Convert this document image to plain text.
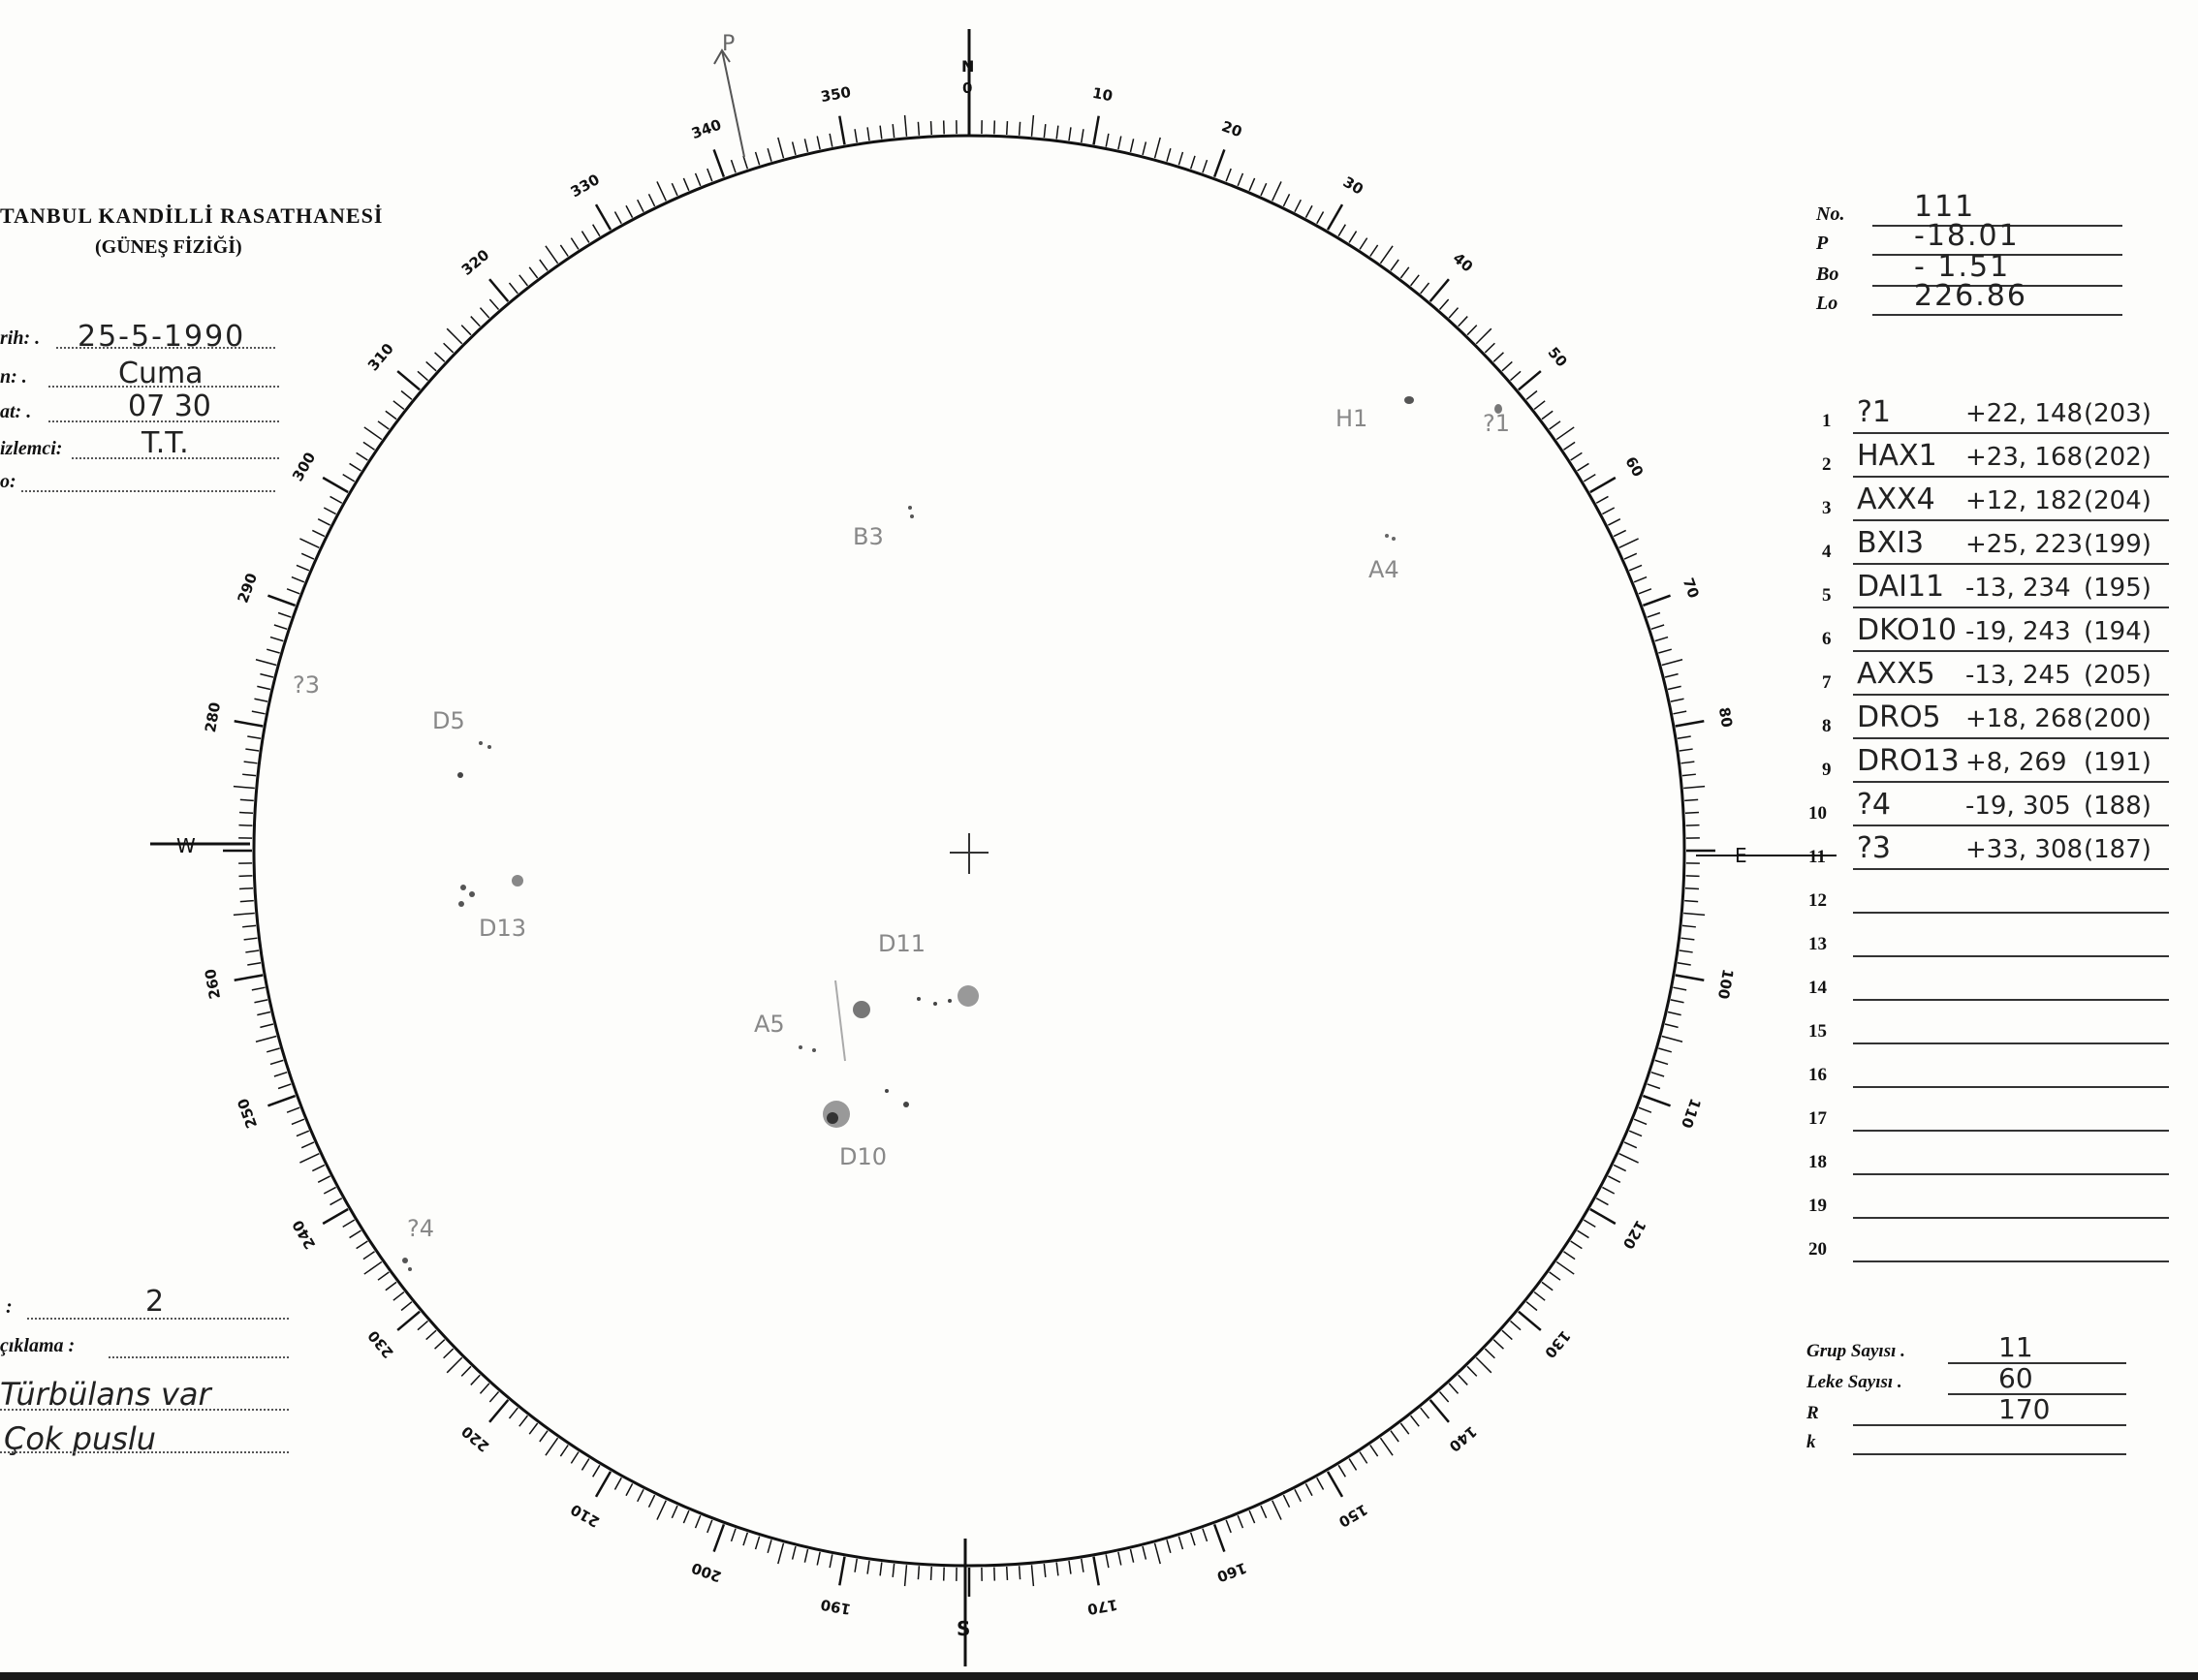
10
20
30
40
50
60
70
80
100
110
120
130
140
150
160
170
190
200
210
220
230
240
250
260
280
290
300
310
320
330
340
350
P
N
0
S
E
W
H1	?1
B3
A4
?3
D5
D13
D11
A5
D10
?4
TANBUL KANDİLLİ RASATHANESİ
(GÜNEŞ FİZİĞİ)
rih: . 25-5-1990
n: .	Cuma
at: .	07 30
izlemci:	T.T.
o:
:	2
çıklama :
Türbülans var
Çok puslu
No. 111
P	-18.01
Bo	- 1.51
Lo	226.86
1 ?1	+22, 148 (203)
2 HAX1 +23, 168 (202)
3 AXX4 +12, 182 (204)
4 BXI3 +25, 223 (199)
5 DAI11 -13, 234 (195)
6 DKO10 -19, 243 (194)
7 AXX5 -13, 245 (205)
8 DRO5 +18, 268 (200)
9 DRO13 +8, 269 (191)
10 ?4	-19, 305 (188)
11 ?3	+33, 308 (187)
12
13
14
15
16
17
18
19
20
Grup Sayısı .	11
Leke Sayısı .	60
R	170
k
